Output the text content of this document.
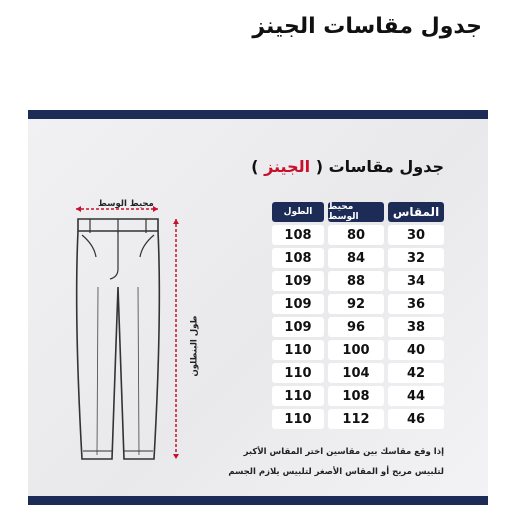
جدول مقاسات الجينز
جدول مقاسات ( الجينز )
المقاس
محيط الوسط
الطول
30
80
108
32
84
108
34
88
109
36
92
109
38
96
109
40
100
110
42
104
110
44
108
110
46
112
110
إذا وقع مقاسك بين مقاسين اختر المقاس الأكبر
لتلبيس مريح أو المقاس الأصغر لتلبيس يلازم الجسم
محيط الوسط
طول البنطلون
